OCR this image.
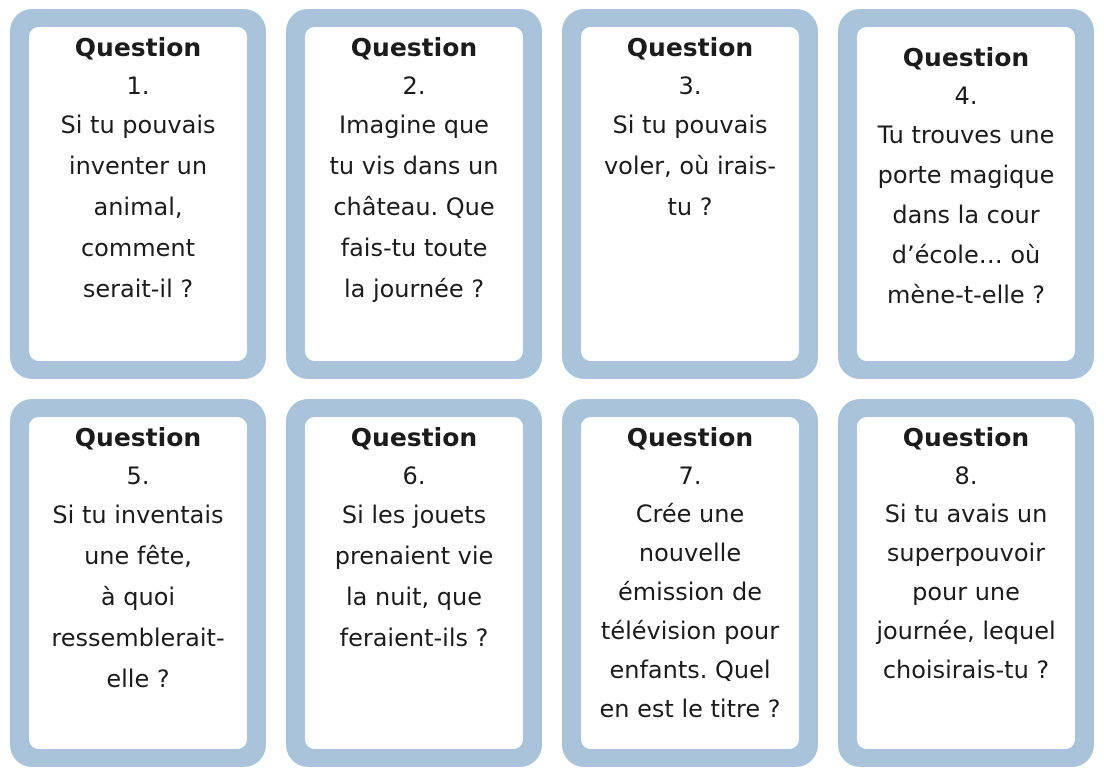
Question
1.
Si tu pouvais
inventer un
animal,
comment
serait-il ?
Question
2.
Imagine que
tu vis dans un
château. Que
fais-tu toute
la journée ?
Question
3.
Si tu pouvais
voler, où irais-
tu ?
Question
4.
Tu trouves une
porte magique
dans la cour
d’école… où
mène-t-elle ?
Question
5.
Si tu inventais
une fête,
à quoi
ressemblerait-
elle ?
Question
6.
Si les jouets
prenaient vie
la nuit, que
feraient-ils ?
Question
7.
Crée une
nouvelle
émission de
télévision pour
enfants. Quel
en est le titre ?
Question
8.
Si tu avais un
superpouvoir
pour une
journée, lequel
choisirais-tu ?
